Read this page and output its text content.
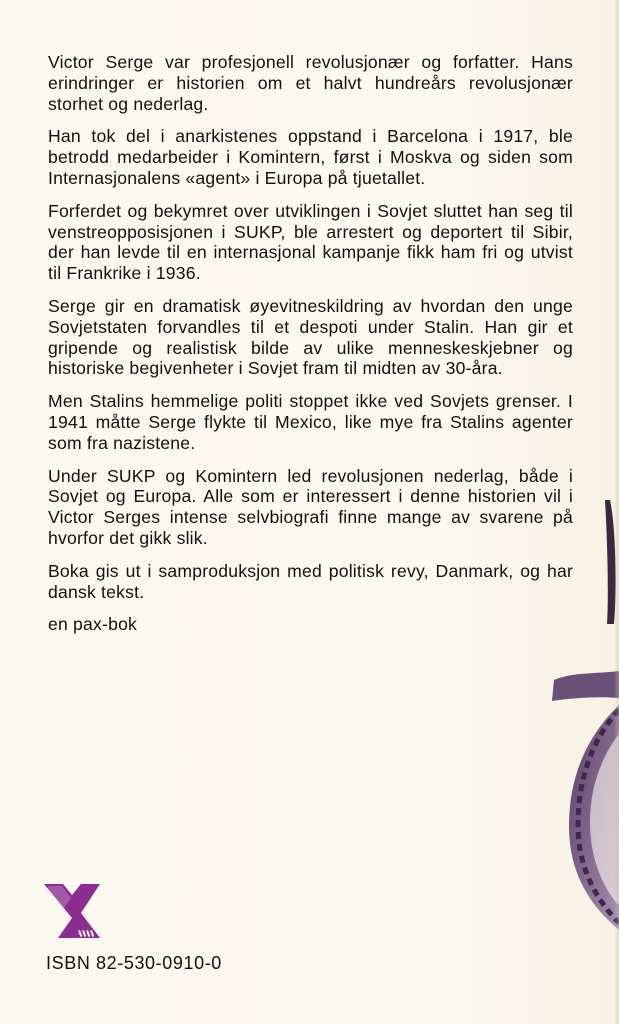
Victor Serge var profesjonell revolusjonær og forfatter. Hans erindringer er historien om et halvt hundreårs revolusjonær storhet og nederlag.

Han tok del i anarkistenes oppstand i Barcelona i 1917, ble betrodd medarbeider i Komintern, først i Moskva og siden som Internasjonalens «agent» i Europa på tjuetallet.

Forferdet og bekymret over utviklingen i Sovjet sluttet han seg til venstreopposisjonen i SUKP, ble arrestert og deportert til Sibir, der han levde til en internasjonal kampanje fikk ham fri og utvist til Frankrike i 1936.

Serge gir en dramatisk øyevitneskildring av hvordan den unge Sovjetstaten forvandles til et despoti under Stalin. Han gir et gripende og realistisk bilde av ulike menneskeskjebner og historiske begivenheter i Sovjet fram til midten av 30-åra.

Men Stalins hemmelige politi stoppet ikke ved Sovjets grenser. I 1941 måtte Serge flykte til Mexico, like mye fra Stalins agenter som fra nazistene.

Under SUKP og Komintern led revolusjonen nederlag, både i Sovjet og Europa. Alle som er interessert i denne historien vil i Victor Serges intense selvbiografi finne mange av svarene på hvorfor det gikk slik.

Boka gis ut i samproduksjon med politisk revy, Danmark, og har dansk tekst.

en pax-bok
ISBN 82-530-0910-0
